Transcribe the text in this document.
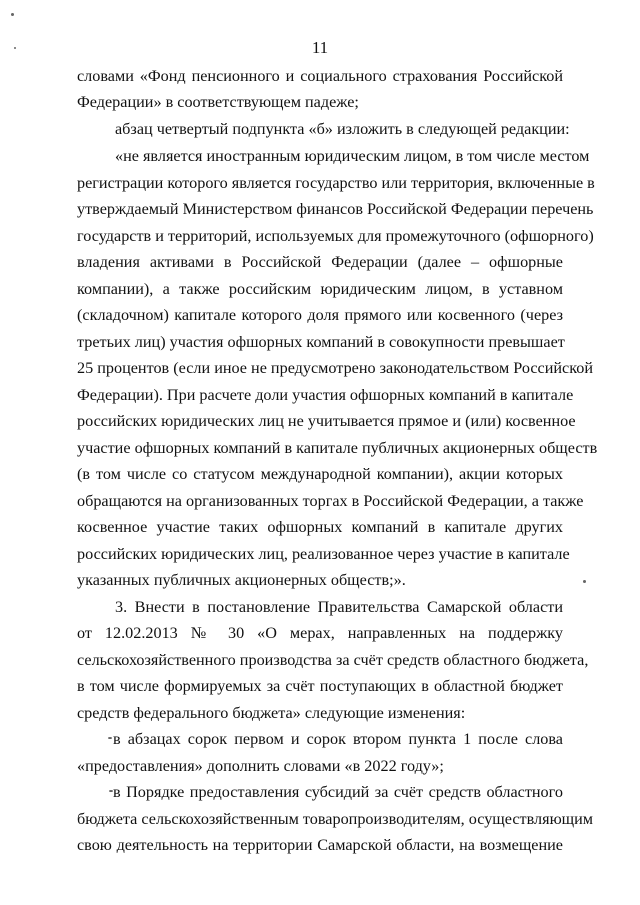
11
словами «Фонд пенсионного и социального страхования Российской
Федерации» в соответствующем падеже;
абзац четвертый подпункта «б» изложить в следующей редакции:
«не является иностранным юридическим лицом, в том числе местом
регистрации которого является государство или территория, включенные в
утверждаемый Министерством финансов Российской Федерации перечень
государств и территорий, используемых для промежуточного (офшорного)
владения активами в Российской Федерации (далее – офшорные
компании), а также российским юридическим лицом, в уставном
(складочном) капитале которого доля прямого или косвенного (через
третьих лиц) участия офшорных компаний в совокупности превышает
25 процентов (если иное не предусмотрено законодательством Российской
Федерации). При расчете доли участия офшорных компаний в капитале
российских юридических лиц не учитывается прямое и (или) косвенное
участие офшорных компаний в капитале публичных акционерных обществ
(в том числе со статусом международной компании), акции которых
обращаются на организованных торгах в Российской Федерации, а также
косвенное участие таких офшорных компаний в капитале других
российских юридических лиц, реализованное через участие в капитале
указанных публичных акционерных обществ;».
3. Внести в постановление Правительства Самарской области
от 12.02.2013 № 30 «О мерах, направленных на поддержку
сельскохозяйственного производства за счёт средств областного бюджета,
в том числе формируемых за счёт поступающих в областной бюджет
средств федерального бюджета» следующие изменения:
в абзацах сорок первом и сорок втором пункта 1 после слова
«предоставления» дополнить словами «в 2022 году»;
в Порядке предоставления субсидий за счёт средств областного
бюджета сельскохозяйственным товаропроизводителям, осуществляющим
свою деятельность на территории Самарской области, на возмещение
